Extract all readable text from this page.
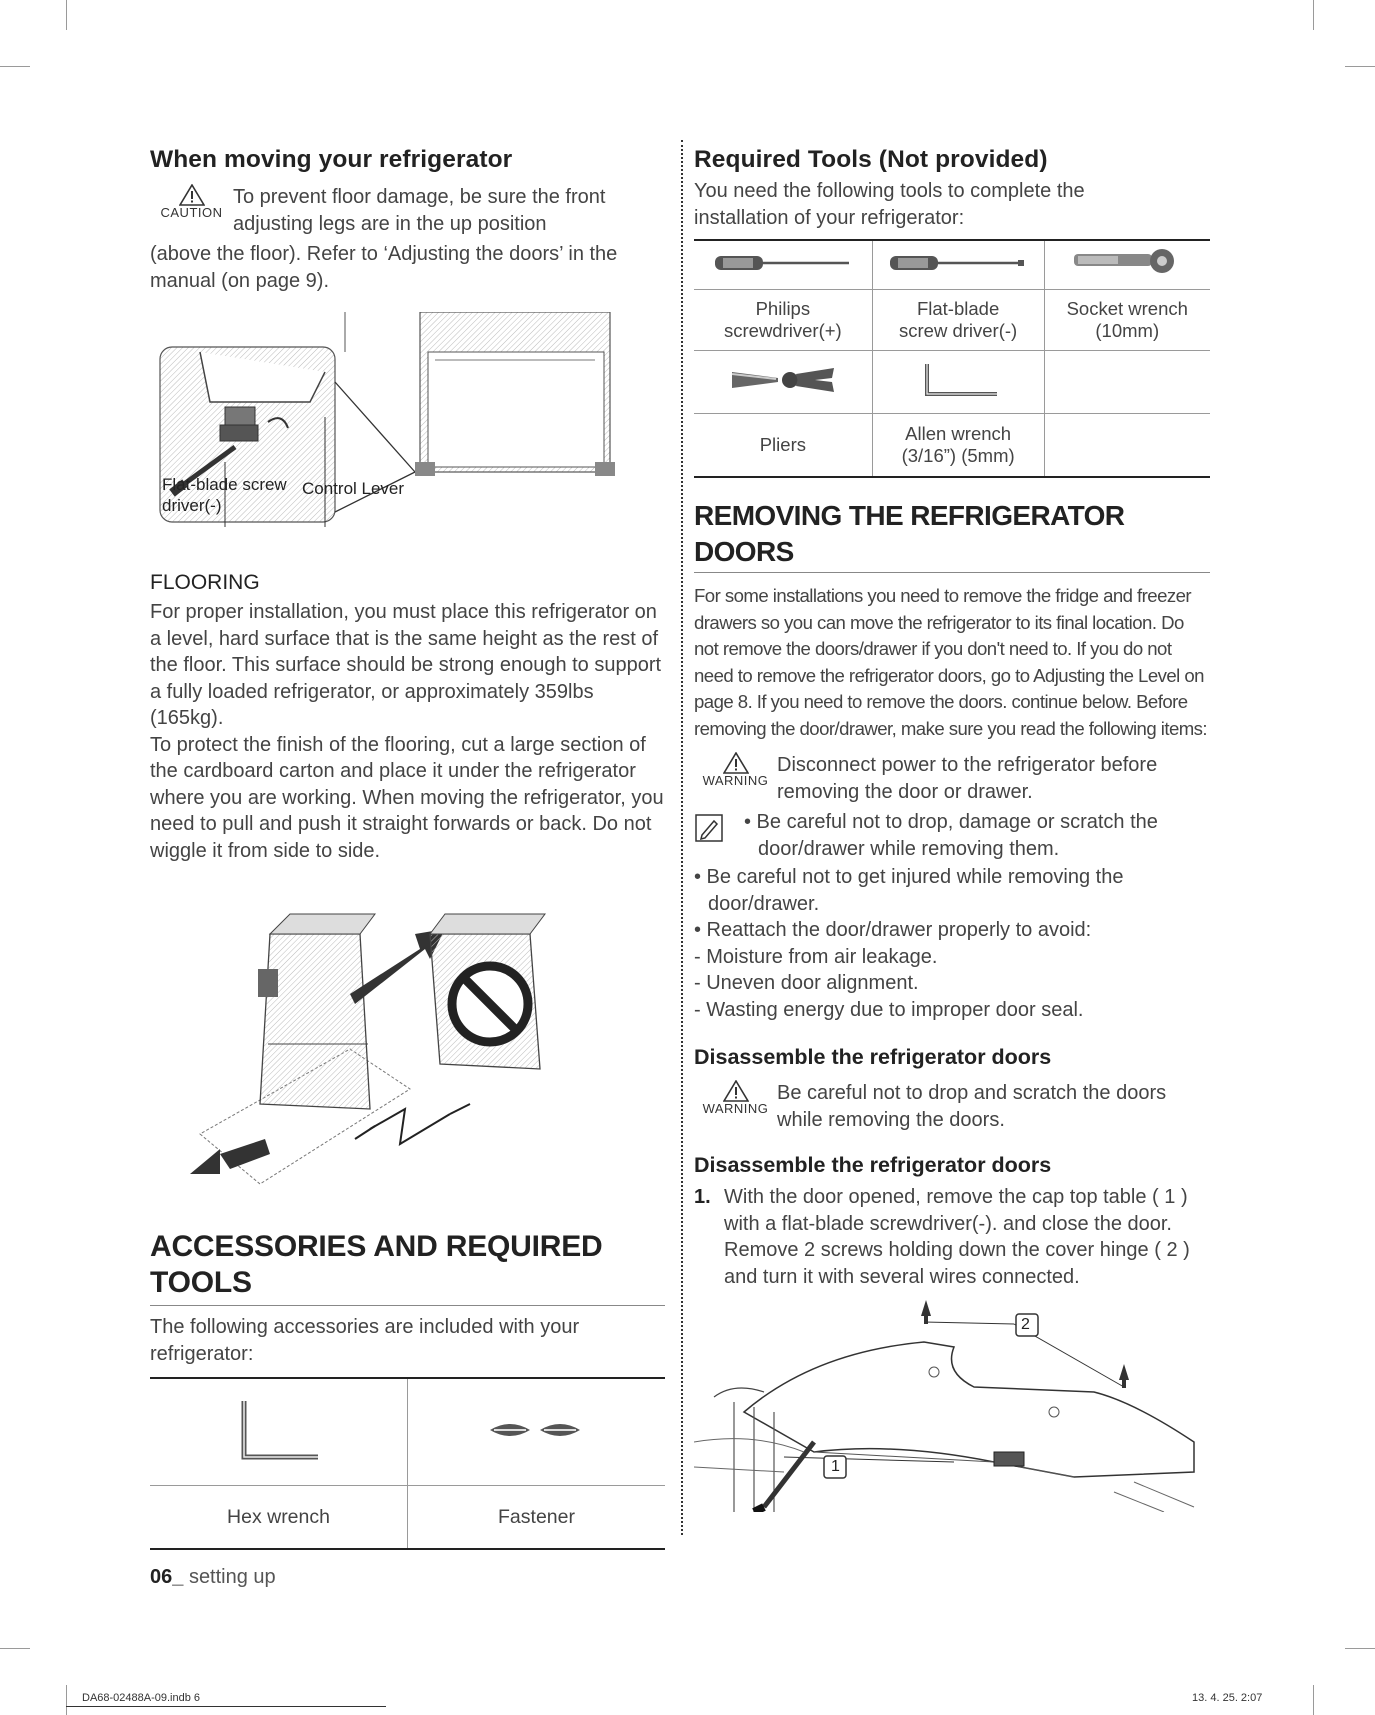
When moving your refrigerator
CAUTION
To prevent floor damage, be sure the front
adjusting legs are in the up position

(above the floor). Refer to ‘Adjusting the doors’ in the manual (on page 9).

Flat-blade screw driver(-)
Control Lever
FLOORING

For proper installation, you must place this refrigerator on a level, hard surface that is the same height as the rest of the floor. This surface should be strong enough to support a fully loaded refrigerator, or approximately 359lbs (165kg).

To protect the finish of the flooring, cut a large section of the cardboard carton and place it under the refrigerator where you are working. When moving the refrigerator, you need to pull and push it straight forwards or back. Do not wiggle it from side to side.

ACCESSORIES AND REQUIRED TOOLS

The following accessories are included with your refrigerator:

Hex wrench	Fastener
Required Tools (Not provided)

You need the following tools to complete the installation of your refrigerator:

Philips screwdriver(+)	Flat-blade screw driver(-)	Socket wrench (10mm)

Pliers	Allen wrench (3/16”) (5mm)	
REMOVING THE REFRIGERATOR DOORS

For some installations you need to remove the fridge and freezer drawers so you can move the refrigerator to its final location. Do not remove the doors/drawer if you don't need to. If you do not need to remove the refrigerator doors, go to Adjusting the Level on page 8. If you need to remove the doors. continue below. Before removing the door/drawer, make sure you read the following items:

WARNING
Disconnect power to the refrigerator before
removing the door or drawer.
• Be careful not to drop, damage or scratch the door/drawer while removing them.
• Be careful not to get injured while removing the door/drawer.
• Reattach the door/drawer properly to avoid:
- Moisture from air leakage.
- Uneven door alignment.
- Wasting energy due to improper door seal.
Disassemble the refrigerator doors
WARNING
Be careful not to drop and scratch the doors
while removing the doors.
Disassemble the refrigerator doors
1. With the door opened, remove the cap top table ( 1 ) with a flat-blade screwdriver(-). and close the door. Remove 2 screws holding down the cover hinge ( 2 ) and turn it with several wires connected.

2
1
06_ setting up
DA68-02488A-09.indb 6	13. 4. 25. 2:07
